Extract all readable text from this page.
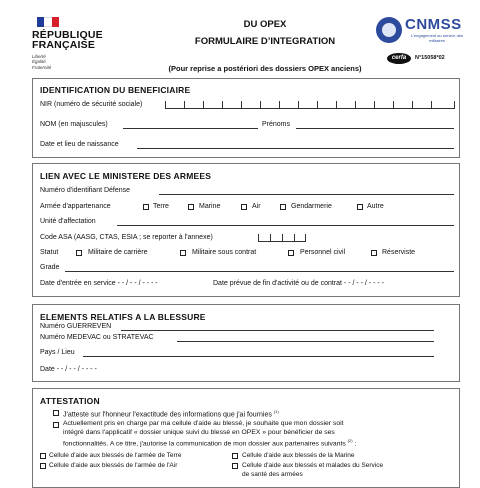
RÉPUBLIQUE
FRANÇAISE
Liberté
Égalité
Fraternité
DU OPEX
FORMULAIRE D’INTEGRATION
(Pour reprise a postériori des dossiers OPEX anciens)
CNMSS
L'engagement au service des militaires
cerfa	N°15058*02
IDENTIFICATION DU BENEFICIAIRE
NIR (numéro de sécurité sociale)
NOM (en majuscules)	Prénoms
Date et lieu de naissance
LIEN AVEC LE MINISTERE DES ARMEES
Numéro d'identifiant Défense
Armée d'appartenance	Terre	Marine	Air	Gendarmerie	Autre
Unité d'affectation
Code ASA (AASG, CTAS, ESIA ; se reporter à l'annexe)
Statut	Militaire de carrière	Militaire sous contrat	Personnel civil	Réserviste
Grade
Date d'entrée en service - - / - - / - - - -	Date prévue de fin d'activité ou de contrat - - / - - / - - - -
ELEMENTS RELATIFS A LA BLESSURE
Numéro GUERREVEN
Numéro MEDEVAC ou STRATEVAC
Pays / Lieu
Date - - / - - / - - - -
ATTESTATION
J'atteste sur l'honneur l'exactitude des informations que j'ai fournies $^{(1)}$
Actuellement pris en charge par ma cellule d'aide au blessé, je souhaite que mon dossier soit
intégré dans l'applicatif « dossier unique suivi du blessé en OPEX » pour bénéficier de ses
fonctionnalités. A ce titre, j'autorise la communication de mon dossier aux partenaires suivants $^{(2)}$ :
Cellule d'aide aux blessés de l'armée de Terre	Cellule d'aide aux blessés de la Marine
Cellule d'aide aux blessés de l'armée de l'Air	Cellule d'aide aux blessés et malades du Service
de santé des armées
